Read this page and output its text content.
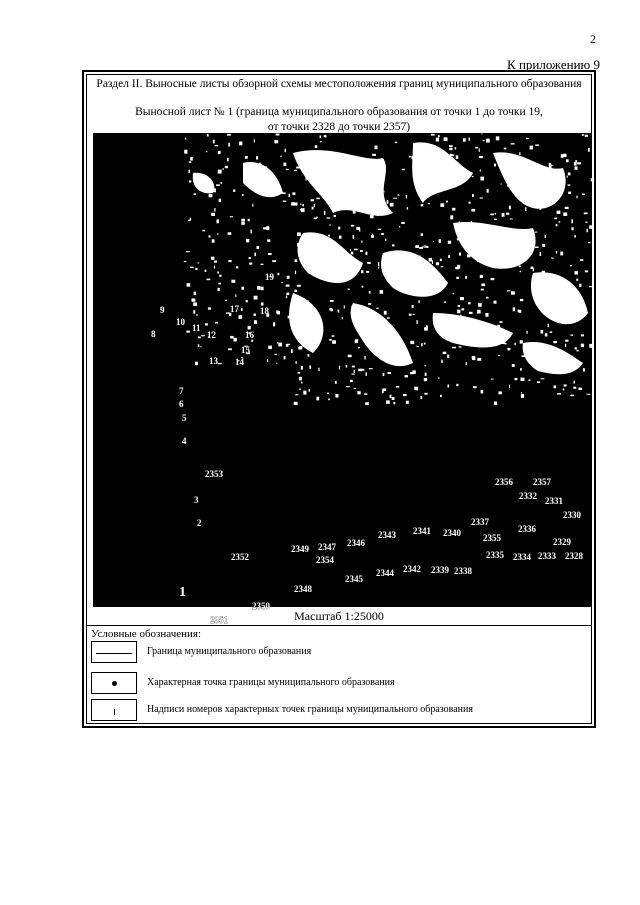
2
К приложению 9
Раздел II. Выносные листы обзорной схемы местоположения границ муниципального образования
Выносной лист № 1 (граница муниципального образования от точки 1 до точки 19,
от точки 2328 до точки 2357)
1
2
3
4
5
6
7
8
9
10
11
12
13 14
15
16
17 18
19
2328
2329
2330
2331
2332
2333
2334
2335
2336
2337
2338
2339
2340
2341
2342
2343
2344
2345
2346
2347
2348
2349
2350
2351
2352
2353
2354
2355
2356 2357
Масштаб 1:25000
Условные обозначения:
Граница муниципального образования
Характерная точка границы муниципального образования
Надписи номеров характерных точек границы муниципального образования
